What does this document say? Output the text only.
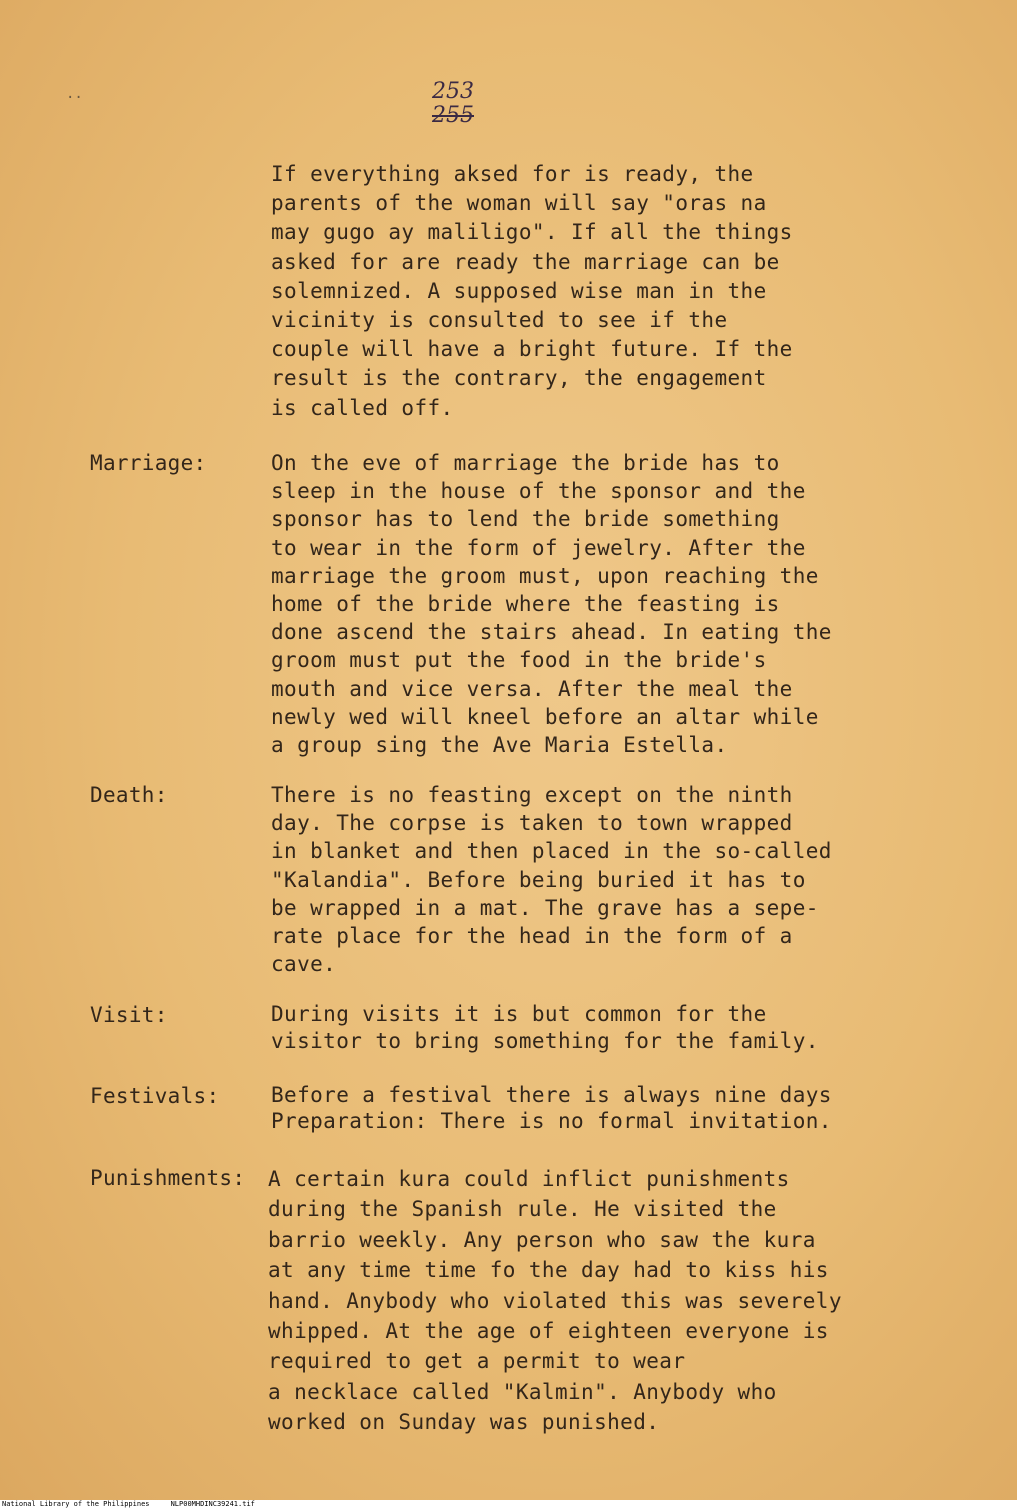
..	253
255
If everything aksed for is ready, the
parents of the woman will say "oras na
may gugo ay maliligo". If all the things
asked for are ready the marriage can be
solemnized. A supposed wise man in the
vicinity is consulted to see if the
couple will have a bright future. If the
result is the contrary, the engagement
is called off.
Marriage:	On the eve of marriage the bride has to
sleep in the house of the sponsor and the
sponsor has to lend the bride something
to wear in the form of jewelry. After the
marriage the groom must, upon reaching the
home of the bride where the feasting is
done ascend the stairs ahead. In eating the
groom must put the food in the bride's
mouth and vice versa. After the meal the
newly wed will kneel before an altar while
a group sing the Ave Maria Estella.
Death:	There is no feasting except on the ninth
day. The corpse is taken to town wrapped
in blanket and then placed in the so-called
"Kalandia". Before being buried it has to
be wrapped in a mat. The grave has a sepe-
rate place for the head in the form of a
cave.
Visit:	During visits it is but common for the
visitor to bring something for the family.
Festivals: Before a festival there is always nine days
Preparation: There is no formal invitation.
Punishments: A certain kura could inflict punishments
during the Spanish rule. He visited the
barrio weekly. Any person who saw the kura
at any time time fo the day had to kiss his
hand. Anybody who violated this was severely
whipped. At the age of eighteen everyone is
required to get a permit to wear
a necklace called "Kalmin". Anybody who
worked on Sunday was punished.
National Library of the Philippines	NLP00MHDINC39241.tif
